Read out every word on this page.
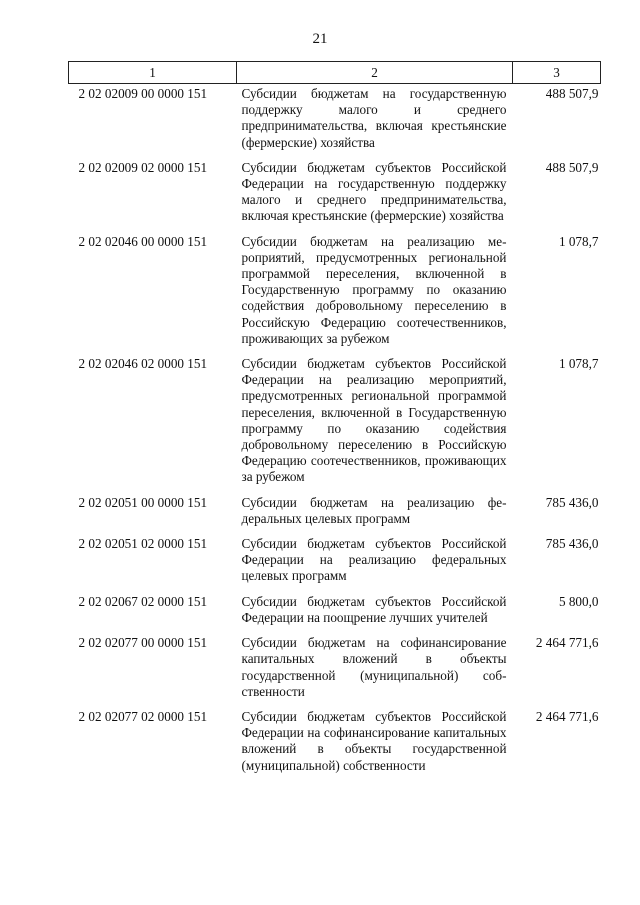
21
1	2	3
2 02 02009 00 0000 151	Субсидии бюджетам на государственную поддержку малого и среднего предпринимательства, включая крестьянские (фермерские) хозяйства	488 507,9
2 02 02009 02 0000 151	Субсидии бюджетам субъектов Российской Федерации на государственную поддержку малого и среднего предпринимательства, включая крестьянские (фермерские) хозяйства	488 507,9
2 02 02046 00 0000 151	Субсидии бюджетам на реализацию мероприятий, предусмотренных региональной программой переселения, включенной в Государственную программу по оказанию содействия добровольному переселению в Российскую Федерацию соотечественников, проживающих за рубежом	1 078,7
2 02 02046 02 0000 151	Субсидии бюджетам субъектов Российской Федерации на реализацию мероприятий, предусмотренных региональной программой переселения, включенной в Государственную программу по оказанию содействия добровольному переселению в Российскую Федерацию соотечественников, проживающих за рубежом	1 078,7
2 02 02051 00 0000 151	Субсидии бюджетам на реализацию федеральных целевых программ	785 436,0
2 02 02051 02 0000 151	Субсидии бюджетам субъектов Российской Федерации на реализацию федеральных целевых программ	785 436,0
2 02 02067 02 0000 151	Субсидии бюджетам субъектов Российской Федерации на поощрение лучших учителей	5 800,0
2 02 02077 00 0000 151	Субсидии бюджетам на софинансирование капитальных вложений в объекты государственной (муниципальной) собственности	2 464 771,6
2 02 02077 02 0000 151	Субсидии бюджетам субъектов Российской Федерации на софинансирование капитальных вложений в объекты государственной (муниципальной) собственности	2 464 771,6
